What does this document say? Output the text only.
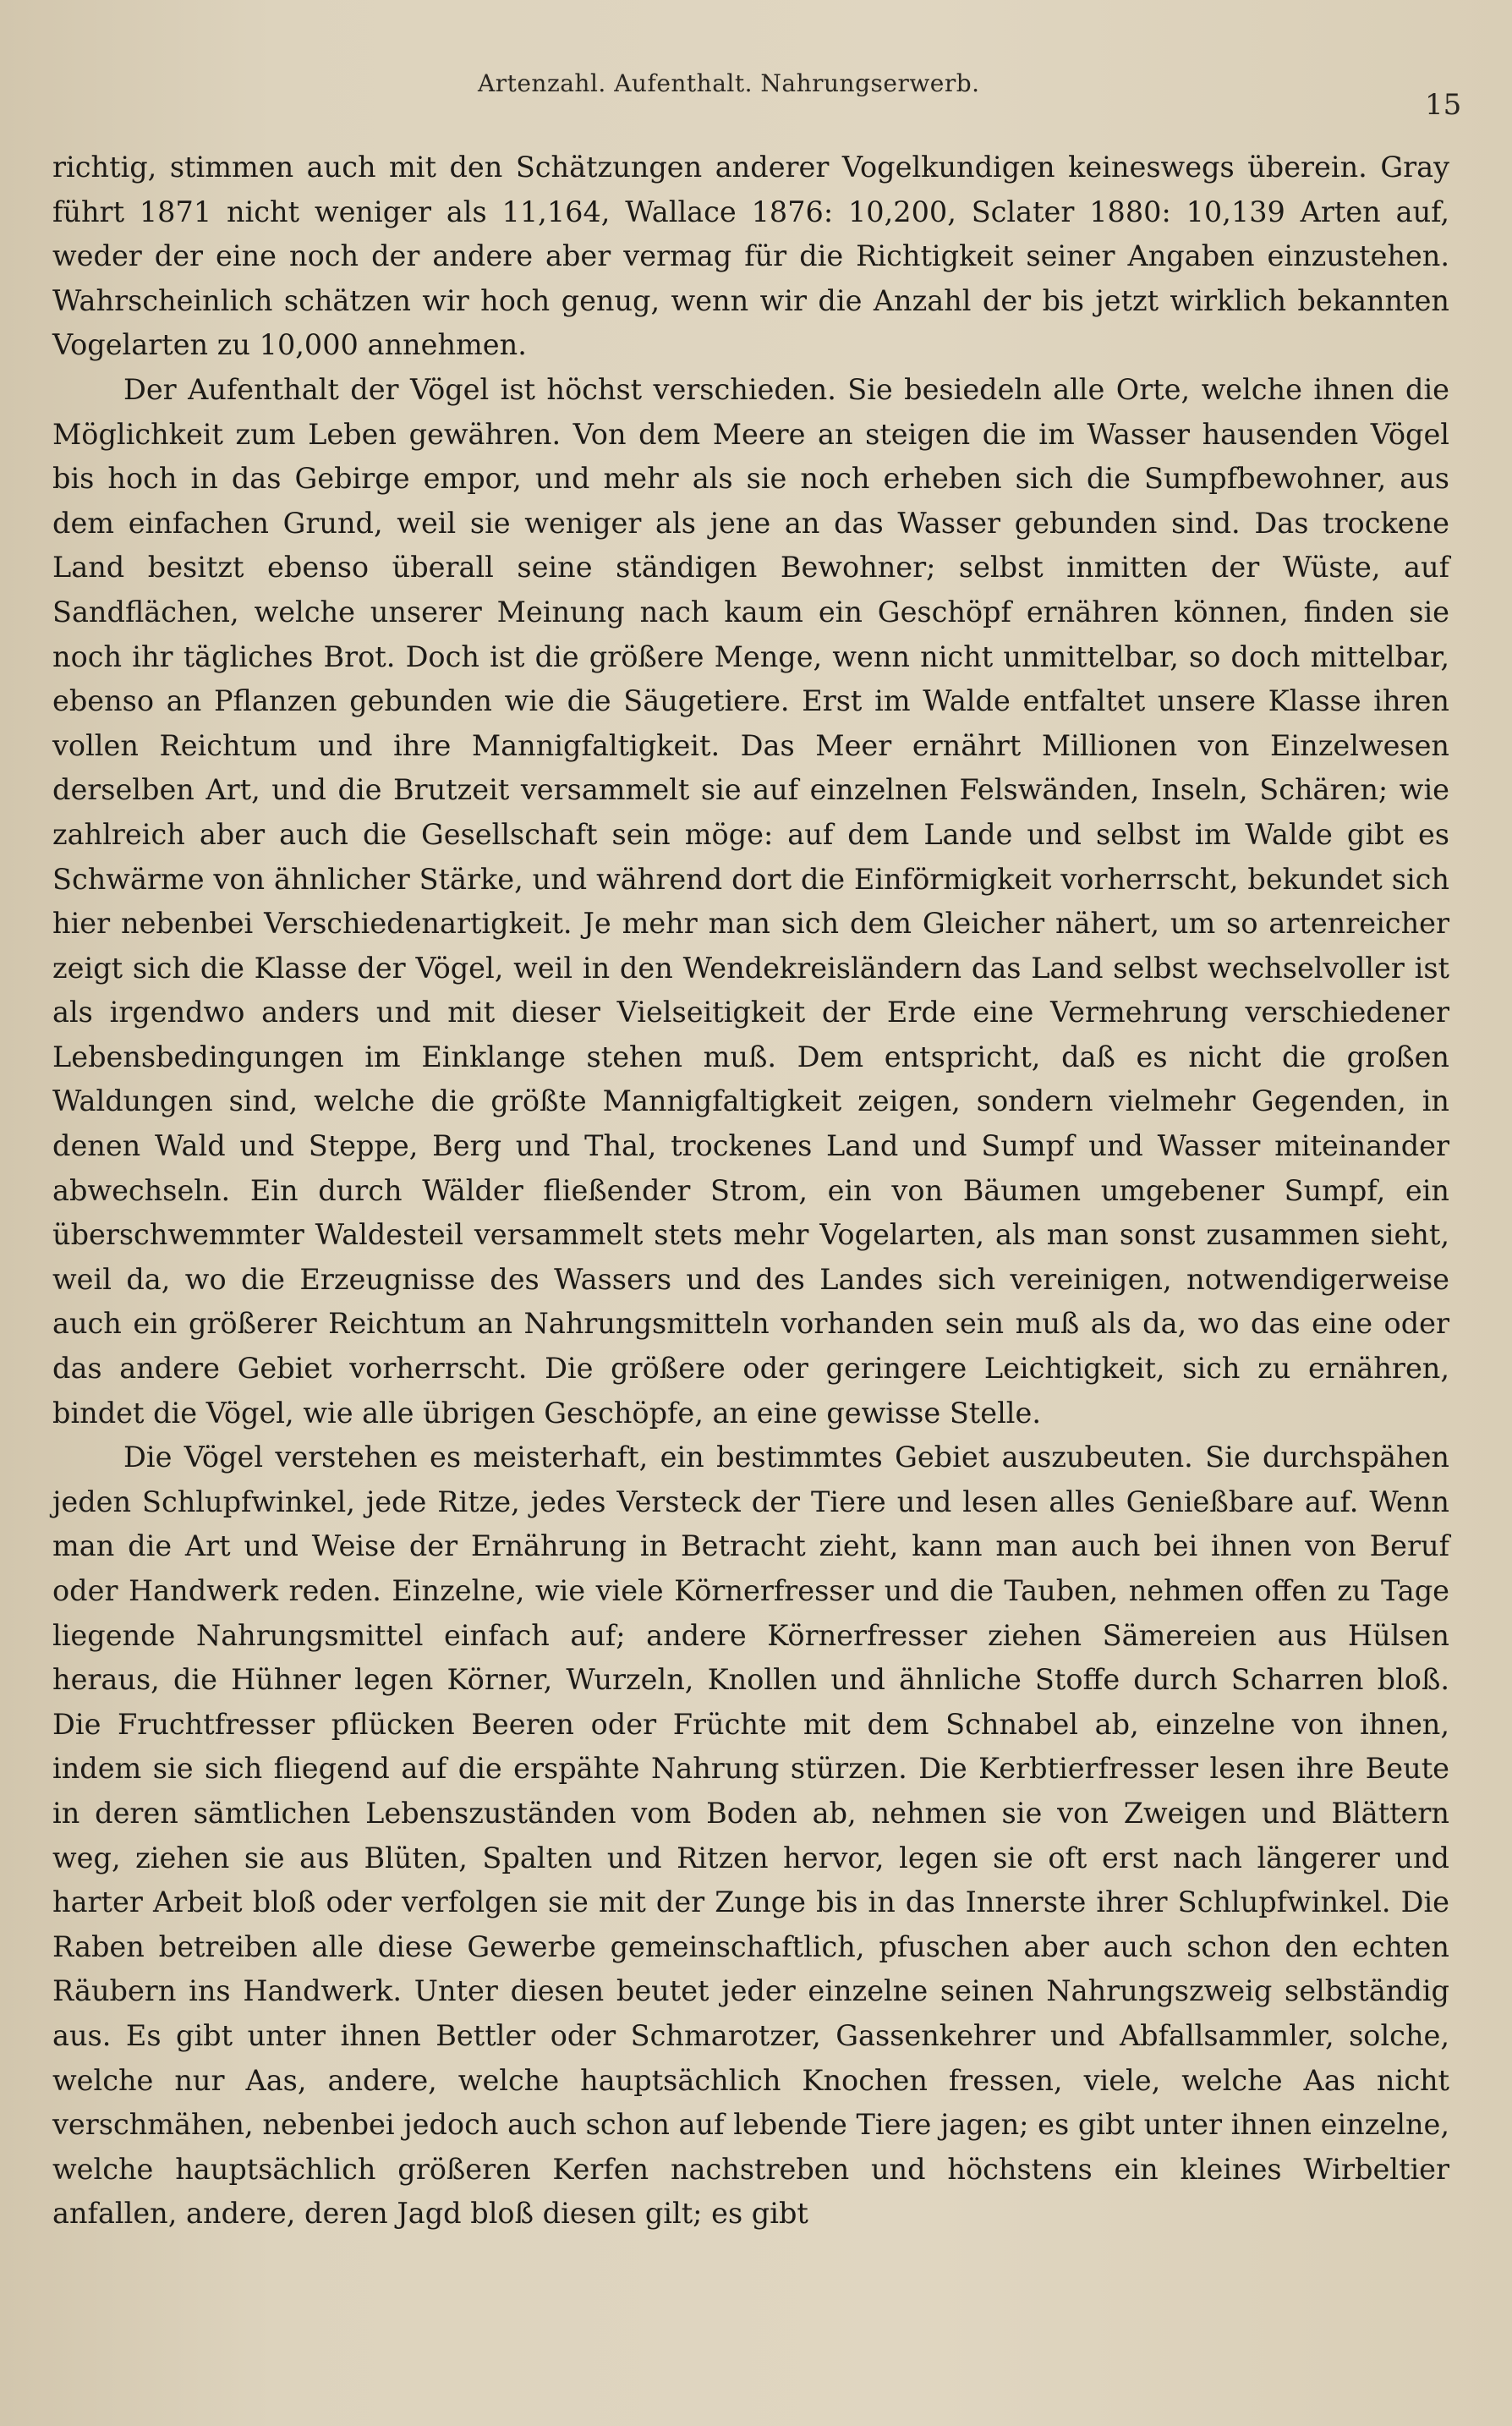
Artenzahl. Aufenthalt. Nahrungserwerb.
15

richtig, stimmen auch mit den Schätzungen anderer Vogelkundigen keineswegs überein. Gray führt 1871 nicht weniger als 11,164, Wallace 1876: 10,200, Sclater 1880: 10,139 Arten auf, weder der eine noch der andere aber vermag für die Richtigkeit seiner Angaben einzustehen. Wahrscheinlich schätzen wir hoch genug, wenn wir die Anzahl der bis jetzt wirklich bekannten Vogelarten zu 10,000 annehmen.

Der Aufenthalt der Vögel ist höchst verschieden. Sie besiedeln alle Orte, welche ihnen die Möglichkeit zum Leben gewähren. Von dem Meere an steigen die im Wasser hausenden Vögel bis hoch in das Gebirge empor, und mehr als sie noch erheben sich die Sumpfbewohner, aus dem einfachen Grund, weil sie weniger als jene an das Wasser gebunden sind. Das trockene Land besitzt ebenso überall seine ständigen Bewohner; selbst inmitten der Wüste, auf Sandflächen, welche unserer Meinung nach kaum ein Geschöpf ernähren können, finden sie noch ihr tägliches Brot. Doch ist die größere Menge, wenn nicht unmittelbar, so doch mittelbar, ebenso an Pflanzen gebunden wie die Säugetiere. Erst im Walde entfaltet unsere Klasse ihren vollen Reichtum und ihre Mannigfaltigkeit. Das Meer ernährt Millionen von Einzelwesen derselben Art, und die Brutzeit versammelt sie auf einzelnen Felswänden, Inseln, Schären; wie zahlreich aber auch die Gesellschaft sein möge: auf dem Lande und selbst im Walde gibt es Schwärme von ähnlicher Stärke, und während dort die Einförmigkeit vorherrscht, bekundet sich hier nebenbei Verschiedenartigkeit. Je mehr man sich dem Gleicher nähert, um so artenreicher zeigt sich die Klasse der Vögel, weil in den Wendekreisländern das Land selbst wechselvoller ist als irgendwo anders und mit dieser Vielseitigkeit der Erde eine Vermehrung verschiedener Lebensbedingungen im Einklange stehen muß. Dem entspricht, daß es nicht die großen Waldungen sind, welche die größte Mannigfaltigkeit zeigen, sondern vielmehr Gegenden, in denen Wald und Steppe, Berg und Thal, trockenes Land und Sumpf und Wasser miteinander abwechseln. Ein durch Wälder fließender Strom, ein von Bäumen umgebener Sumpf, ein überschwemmter Waldesteil versammelt stets mehr Vogelarten, als man sonst zusammen sieht, weil da, wo die Erzeugnisse des Wassers und des Landes sich vereinigen, notwendigerweise auch ein größerer Reichtum an Nahrungsmitteln vorhanden sein muß als da, wo das eine oder das andere Gebiet vorherrscht. Die größere oder geringere Leichtigkeit, sich zu ernähren, bindet die Vögel, wie alle übrigen Geschöpfe, an eine gewisse Stelle.

Die Vögel verstehen es meisterhaft, ein bestimmtes Gebiet auszubeuten. Sie durchspähen jeden Schlupfwinkel, jede Ritze, jedes Versteck der Tiere und lesen alles Genießbare auf. Wenn man die Art und Weise der Ernährung in Betracht zieht, kann man auch bei ihnen von Beruf oder Handwerk reden. Einzelne, wie viele Körnerfresser und die Tauben, nehmen offen zu Tage liegende Nahrungsmittel einfach auf; andere Körnerfresser ziehen Sämereien aus Hülsen heraus, die Hühner legen Körner, Wurzeln, Knollen und ähnliche Stoffe durch Scharren bloß. Die Fruchtfresser pflücken Beeren oder Früchte mit dem Schnabel ab, einzelne von ihnen, indem sie sich fliegend auf die erspähte Nahrung stürzen. Die Kerbtierfresser lesen ihre Beute in deren sämtlichen Lebenszuständen vom Boden ab, nehmen sie von Zweigen und Blättern weg, ziehen sie aus Blüten, Spalten und Ritzen hervor, legen sie oft erst nach längerer und harter Arbeit bloß oder verfolgen sie mit der Zunge bis in das Innerste ihrer Schlupfwinkel. Die Raben betreiben alle diese Gewerbe gemeinschaftlich, pfuschen aber auch schon den echten Räubern ins Handwerk. Unter diesen beutet jeder einzelne seinen Nahrungszweig selbständig aus. Es gibt unter ihnen Bettler oder Schmarotzer, Gassenkehrer und Abfallsammler, solche, welche nur Aas, andere, welche hauptsächlich Knochen fressen, viele, welche Aas nicht verschmähen, nebenbei jedoch auch schon auf lebende Tiere jagen; es gibt unter ihnen einzelne, welche hauptsächlich größeren Kerfen nachstreben und höchstens ein kleines Wirbeltier anfallen, andere, deren Jagd bloß diesen gilt; es gibt
